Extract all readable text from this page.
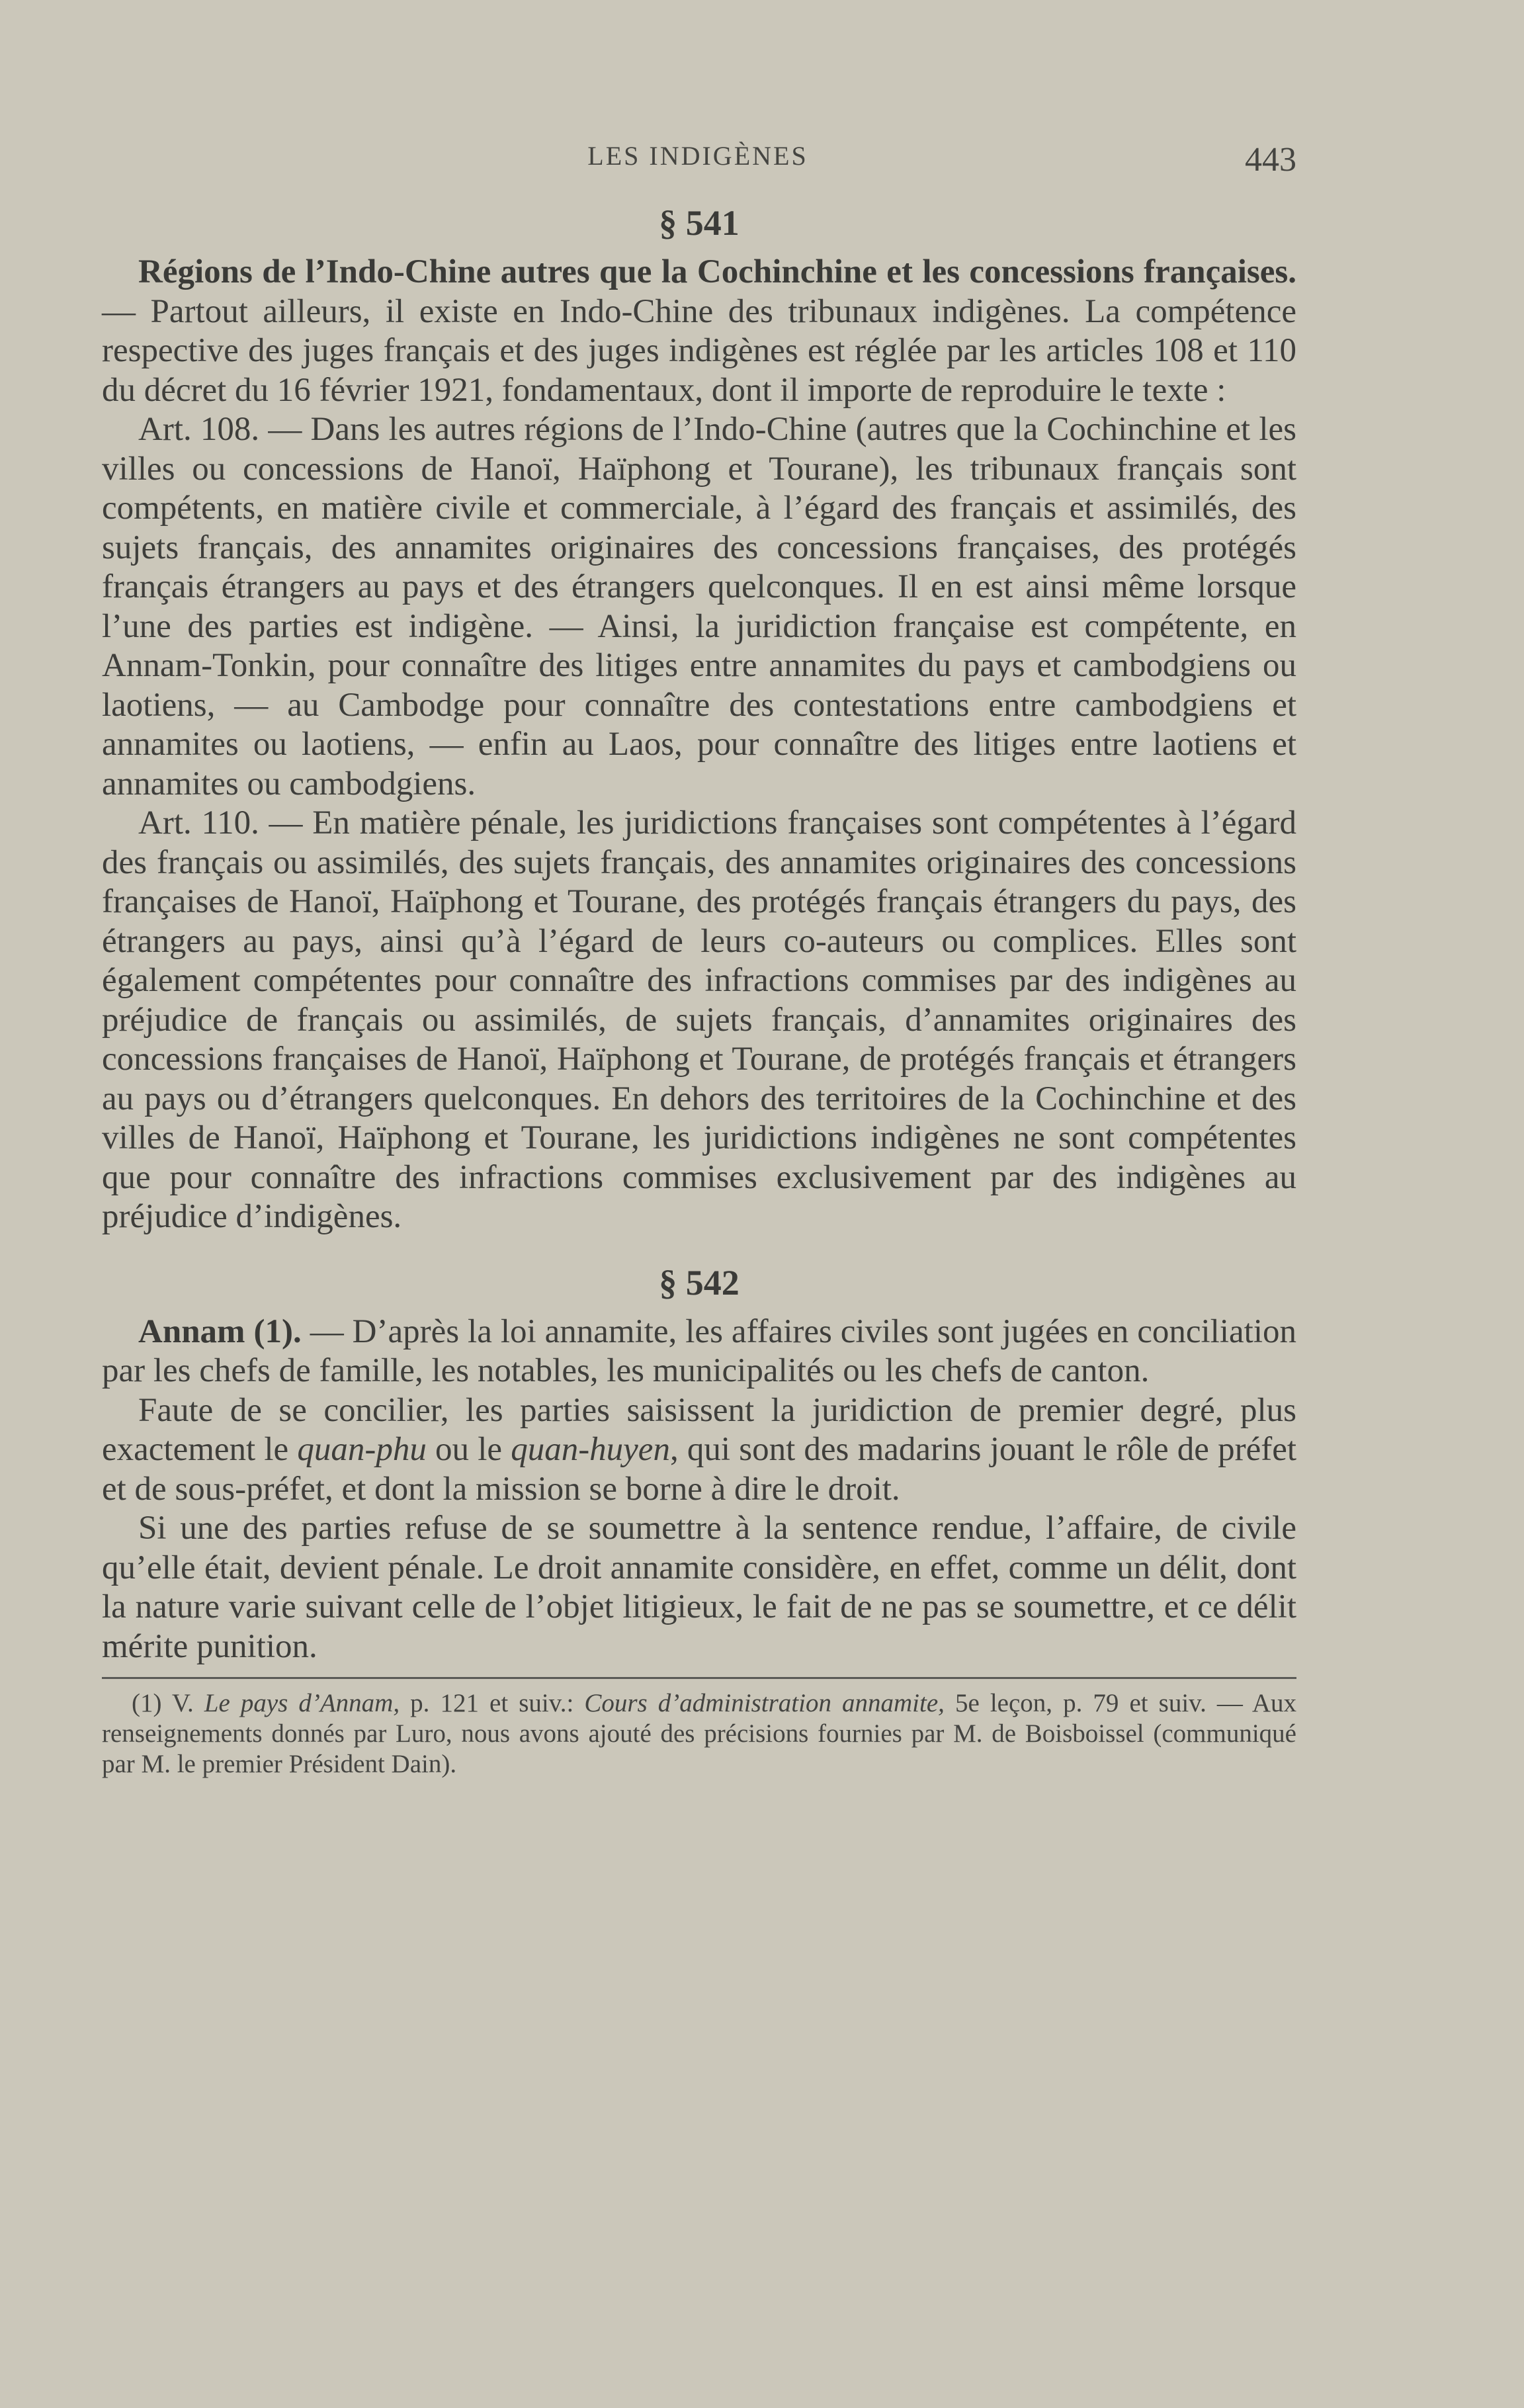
LES INDIGÈNES	443
§ 541

Régions de l’Indo-Chine autres que la Cochinchine et les concessions françaises. — Partout ailleurs, il existe en Indo-Chine des tribunaux indigènes. La compétence respective des juges français et des juges indigènes est réglée par les articles 108 et 110 du décret du 16 février 1921, fondamentaux, dont il importe de reproduire le texte :

Art. 108. — Dans les autres régions de l’Indo-Chine (autres que la Cochinchine et les villes ou concessions de Hanoï, Haïphong et Tourane), les tribunaux français sont compétents, en matière civile et commerciale, à l’égard des français et assimilés, des sujets français, des annamites originaires des concessions françaises, des protégés français étrangers au pays et des étrangers quelconques. Il en est ainsi même lorsque l’une des parties est indigène. — Ainsi, la juridiction française est compétente, en Annam-Tonkin, pour connaître des litiges entre annamites du pays et cambodgiens ou laotiens, — au Cambodge pour connaître des contestations entre cambodgiens et annamites ou laotiens, — enfin au Laos, pour connaître des litiges entre laotiens et annamites ou cambodgiens.

Art. 110. — En matière pénale, les juridictions françaises sont compétentes à l’égard des français ou assimilés, des sujets français, des annamites originaires des concessions françaises de Hanoï, Haïphong et Tourane, des protégés français étrangers du pays, des étrangers au pays, ainsi qu’à l’égard de leurs co-auteurs ou complices. Elles sont également compétentes pour connaître des infractions commises par des indigènes au préjudice de français ou assimilés, de sujets français, d’annamites originaires des concessions françaises de Hanoï, Haïphong et Tourane, de protégés français et étrangers au pays ou d’étrangers quelconques. En dehors des territoires de la Cochinchine et des villes de Hanoï, Haïphong et Tourane, les juridictions indigènes ne sont compétentes que pour connaître des infractions commises exclusivement par des indigènes au préjudice d’indigènes.

§ 542

Annam (1). — D’après la loi annamite, les affaires civiles sont jugées en conciliation par les chefs de famille, les notables, les municipalités ou les chefs de canton.

Faute de se concilier, les parties saisissent la juridiction de premier degré, plus exactement le quan-phu ou le quan-huyen, qui sont des madarins jouant le rôle de préfet et de sous-préfet, et dont la mission se borne à dire le droit.

Si une des parties refuse de se soumettre à la sentence rendue, l’affaire, de civile qu’elle était, devient pénale. Le droit annamite considère, en effet, comme un délit, dont la nature varie suivant celle de l’objet litigieux, le fait de ne pas se soumettre, et ce délit mérite punition.

(1) V. Le pays d’Annam, p. 121 et suiv.: Cours d’administration annamite, 5e leçon, p. 79 et suiv. — Aux renseignements donnés par Luro, nous avons ajouté des précisions fournies par M. de Boisboissel (communiqué par M. le premier Président Dain).
